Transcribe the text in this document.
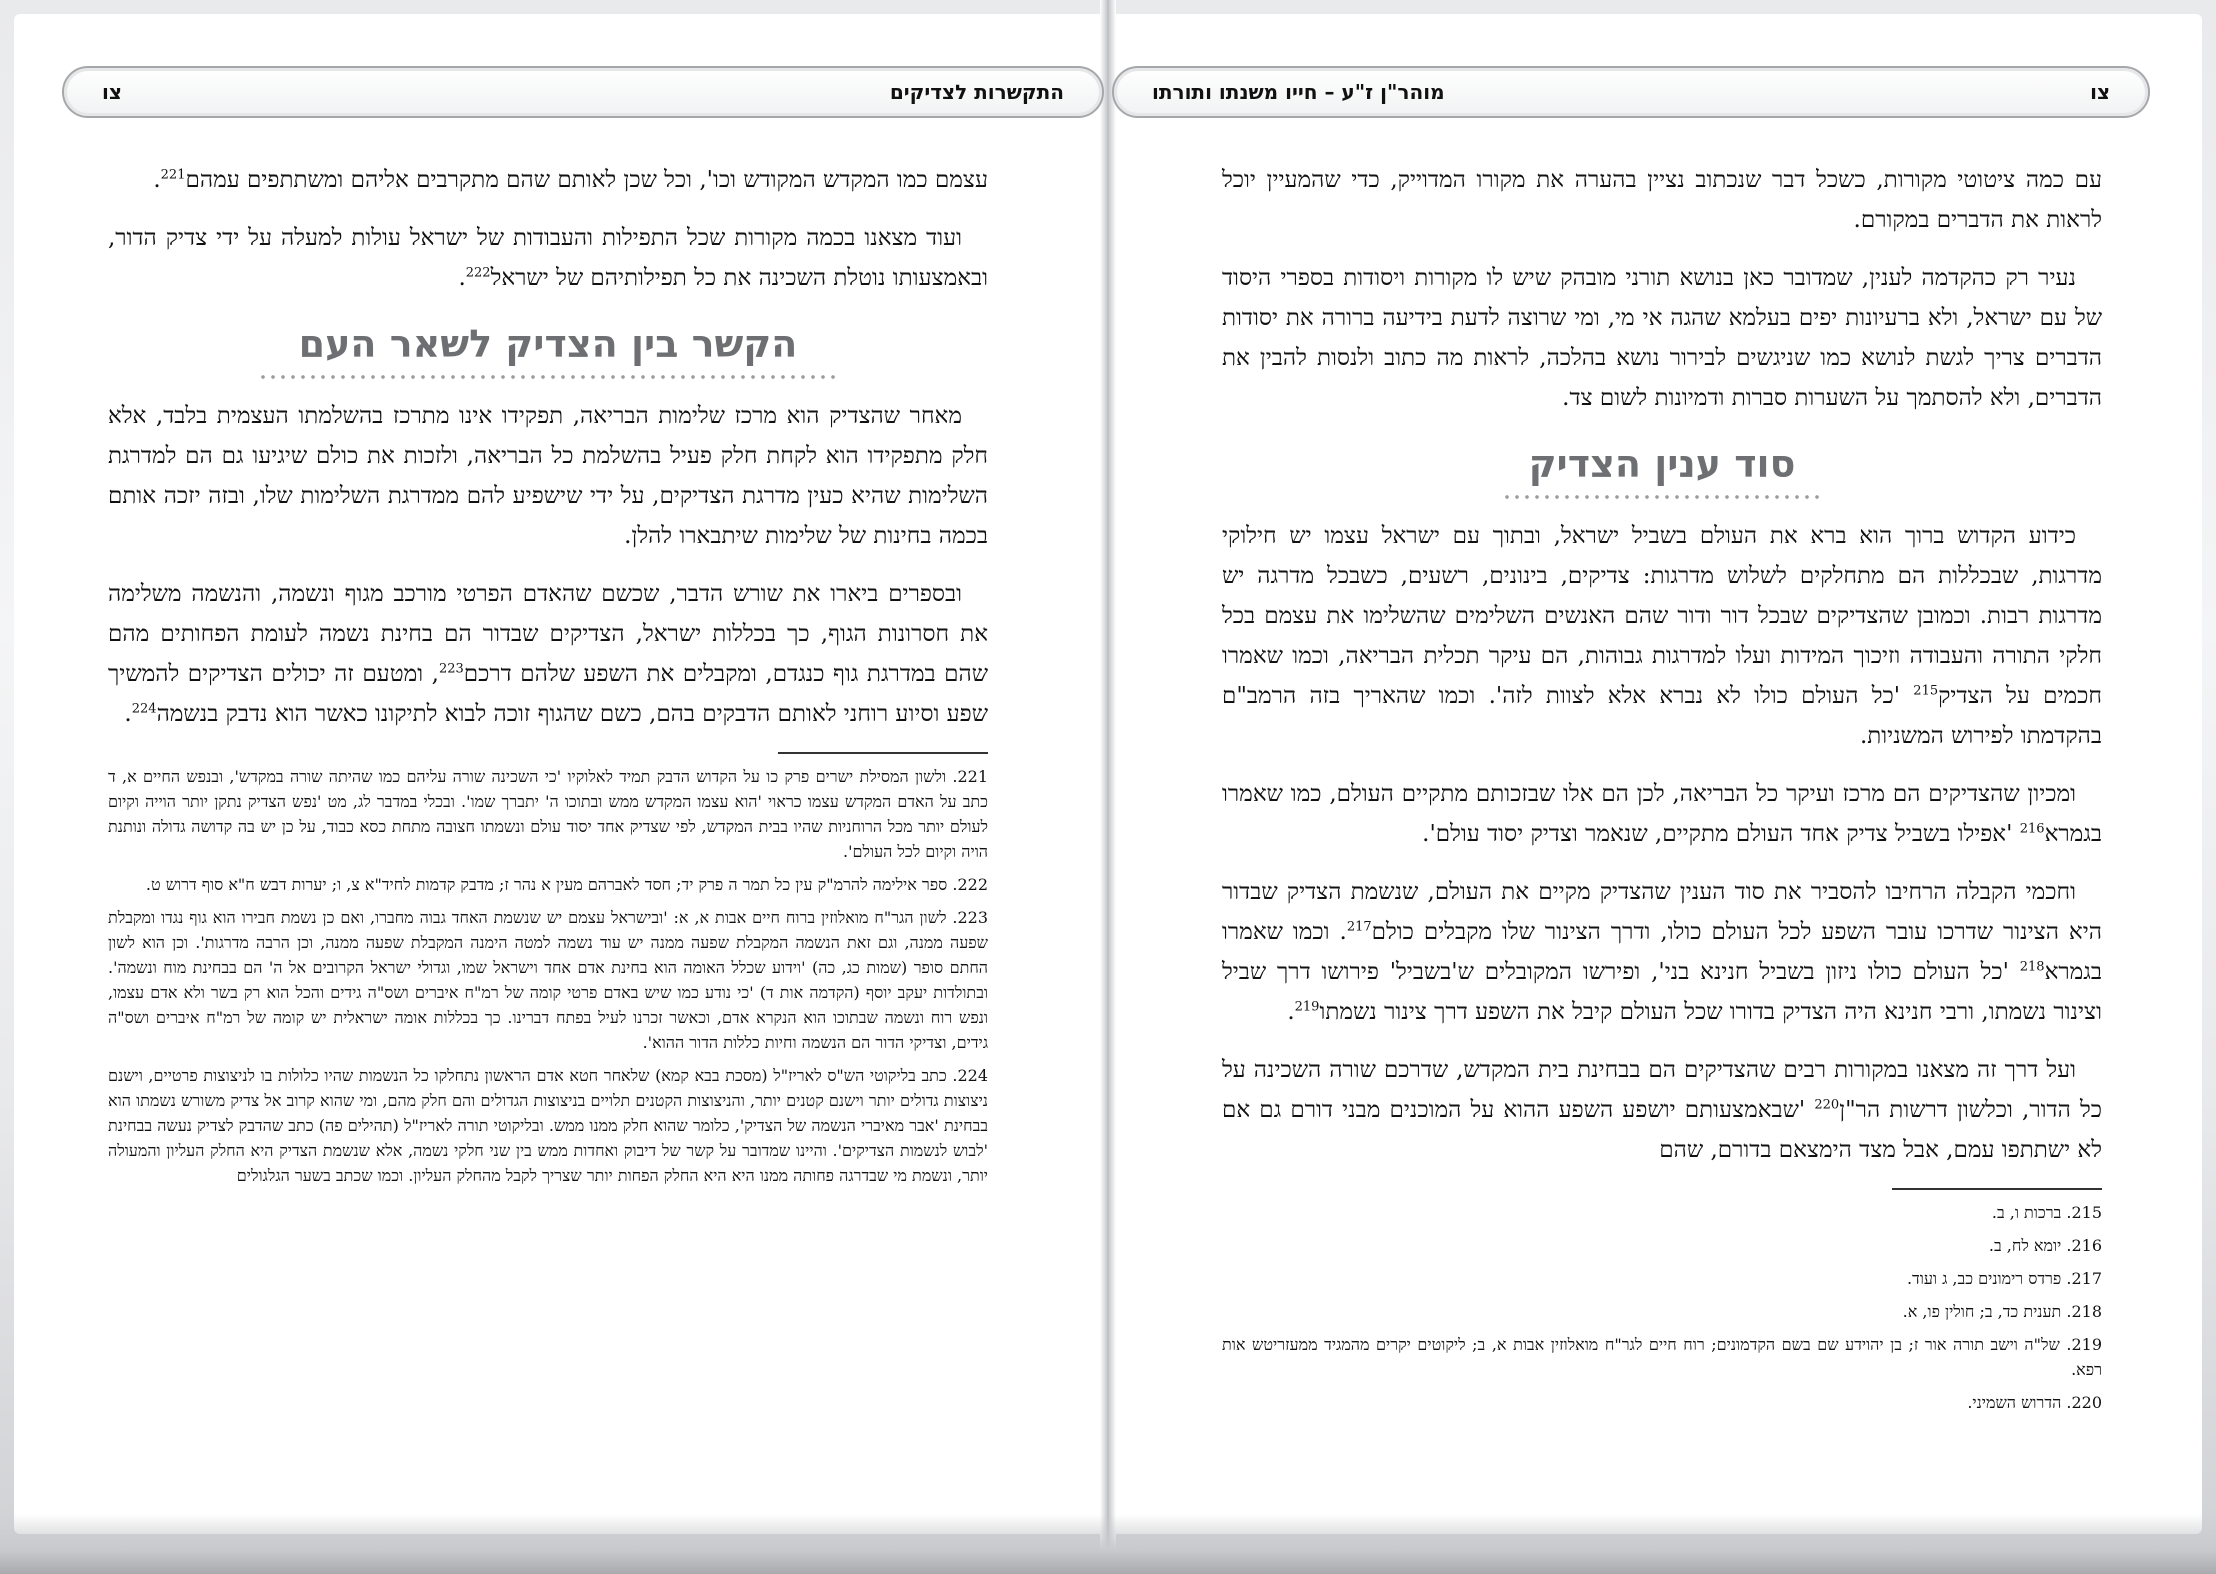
צו	התקשרות לצדיקים	מוהר"ן ז"ע – חייו משנתו ותורתו	צו

עצמם כמו המקדש המקודש וכו', וכל שכן לאותם שהם מתקרבים אליהם ומשתתפים עמהם$^{221}$.

ועוד מצאנו בכמה מקורות שכל התפילות והעבודות של ישראל עולות למעלה על ידי צדיק הדור, ובאמצעותו נוטלת השכינה את כל תפילותיהם של ישראל$^{222}$.

הקשר בין הצדיק לשאר העם

מאחר שהצדיק הוא מרכז שלימות הבריאה, תפקידו אינו מתרכז בהשלמתו העצמית בלבד, אלא חלק מתפקידו הוא לקחת חלק פעיל בהשלמת כל הבריאה, ולזכות את כולם שיגיעו גם הם למדרגת השלימות שהיא כעין מדרגת הצדיקים, על ידי שישפיע להם ממדרגת השלימות שלו, ובזה יזכה אותם בכמה בחינות של שלימות שיתבארו להלן.

ובספרים ביארו את שורש הדבר, שכשם שהאדם הפרטי מורכב מגוף ונשמה, והנשמה משלימה את חסרונות הגוף, כך בכללות ישראל, הצדיקים שבדור הם בחינת נשמה לעומת הפחותים מהם שהם במדרגת גוף כנגדם, ומקבלים את השפע שלהם דרכם$^{223}$, ומטעם זה יכולים הצדיקים להמשיך שפע וסיוע רוחני לאותם הדבקים בהם, כשם שהגוף זוכה לבוא לתיקונו כאשר הוא נדבק בנשמה$^{224}$.

221. ולשון המסילת ישרים פרק כו על הקדוש הדבק תמיד לאלוקיו 'כי השכינה שורה עליהם כמו שהיתה שורה במקדש', ובנפש החיים א, ד כתב על האדם המקדש עצמו כראוי 'הוא עצמו המקדש ממש ובתוכו ה' יתברך שמו'. ובכלי במדבר לג, מט 'נפש הצדיק נתקן יותר הוייה וקיום לעולם יותר מכל הרוחניות שהיו בבית המקדש, לפי שצדיק אחד יסוד עולם ונשמתו חצובה מתחת כסא כבוד, על כן יש בה קדושה גדולה ונותנת הויה וקיום לכל העולם'.

222. ספר אילימה להרמ"ק עין כל תמר ה פרק יד; חסד לאברהם מעין א נהר ז; מדבק קדמות לחיד"א צ, ו; יערות דבש ח"א סוף דרוש ט.

223. לשון הגר"ח מואלוזין ברוח חיים אבות א, א: 'ובישראל עצמם יש שנשמת האחד גבוה מחברו, ואם כן נשמת חבירו הוא גוף נגדו ומקבלת שפעה ממנה, וגם זאת הנשמה המקבלת שפעה ממנה יש עוד נשמה למטה הימנה המקבלת שפעה ממנה, וכן הרבה מדרגות'. וכן הוא לשון החתם סופר (שמות כג, כה) 'וידוע שכלל האומה הוא בחינת אדם אחד וישראל שמו, וגדולי ישראל הקרובים אל ה' הם בבחינת מוח ונשמה'. ובתולדות יעקב יוסף (הקדמה אות ד) 'כי נודע כמו שיש באדם פרטי קומה של רמ"ח איברים ושס"ה גידים והכל הוא רק בשר ולא אדם עצמו, ונפש רוח ונשמה שבתוכו הוא הנקרא אדם, וכאשר זכרנו לעיל בפתח דברינו. כך בכללות אומה ישראלית יש קומה של רמ"ח איברים ושס"ה גידים, וצדיקי הדור הם הנשמה וחיות כללות הדור ההוא'.

224. כתב בליקוטי הש"ס לאריז"ל (מסכת בבא קמא) שלאחר חטא אדם הראשון נתחלקו כל הנשמות שהיו כלולות בו לניצוצות פרטיים, וישנם ניצוצות גדולים יותר וישנם קטנים יותר, והניצוצות הקטנים תלויים בניצוצות הגדולים והם חלק מהם, ומי שהוא קרוב אל צדיק משורש נשמתו הוא בבחינת 'אבר מאיברי הנשמה של הצדיק', כלומר שהוא חלק ממנו ממש. ובליקוטי תורה לאריז"ל (תהילים פה) כתב שהדבק לצדיק נעשה בבחינת 'לבוש לנשמות הצדיקים'. והיינו שמדובר על קשר של דיבוק ואחדות ממש בין שני חלקי נשמה, אלא שנשמת הצדיק היא החלק העליון והמעולה יותר, ונשמת מי שבדרגה פחותה ממנו היא היא החלק הפחות יותר שצריך לקבל מהחלק העליון. וכמו שכתב בשער הגלגולים

עם כמה ציטוטי מקורות, כשכל דבר שנכתוב נציין בהערה את מקורו המדוייק, כדי שהמעיין יוכל לראות את הדברים במקורם.

נעיר רק כהקדמה לענין, שמדובר כאן בנושא תורני מובהק שיש לו מקורות ויסודות בספרי היסוד של עם ישראל, ולא ברעיונות יפים בעלמא שהגה אי מי, ומי שרוצה לדעת בידיעה ברורה את יסודות הדברים צריך לגשת לנושא כמו שניגשים לבירור נושא בהלכה, לראות מה כתוב ולנסות להבין את הדברים, ולא להסתמך על השערות סברות ודמיונות לשום צד.

סוד ענין הצדיק

כידוע הקדוש ברוך הוא ברא את העולם בשביל ישראל, ובתוך עם ישראל עצמו יש חילוקי מדרגות, שבכללות הם מתחלקים לשלוש מדרגות: צדיקים, בינונים, רשעים, כשבכל מדרגה יש מדרגות רבות. וכמובן שהצדיקים שבכל דור ודור שהם האנשים השלימים שהשלימו את עצמם בכל חלקי התורה והעבודה וזיכוך המידות ועלו למדרגות גבוהות, הם עיקר תכלית הבריאה, וכמו שאמרו חכמים על הצדיק$^{215}$ 'כל העולם כולו לא נברא אלא לצוות לזה'. וכמו שהאריך בזה הרמב"ם בהקדמתו לפירוש המשניות.

ומכיון שהצדיקים הם מרכז ועיקר כל הבריאה, לכן הם אלו שבזכותם מתקיים העולם, כמו שאמרו בגמרא$^{216}$ 'אפילו בשביל צדיק אחד העולם מתקיים, שנאמר וצדיק יסוד עולם'.

וחכמי הקבלה הרחיבו להסביר את סוד הענין שהצדיק מקיים את העולם, שנשמת הצדיק שבדור היא הצינור שדרכו עובר השפע לכל העולם כולו, ודרך הצינור שלו מקבלים כולם$^{217}$. וכמו שאמרו בגמרא$^{218}$ 'כל העולם כולו ניזון בשביל חנינא בני', ופירשו המקובלים ש'בשביל' פירושו דרך שביל וצינור נשמתו, ורבי חנינא היה הצדיק בדורו שכל העולם קיבל את השפע דרך צינור נשמתו$^{219}$.

ועל דרך זה מצאנו במקורות רבים שהצדיקים הם בבחינת בית המקדש, שדרכם שורה השכינה על כל הדור, וכלשון דרשות הר"ן$^{220}$ 'שבאמצעותם יושפע השפע ההוא על המוכנים מבני דורם גם אם לא ישתתפו עמם, אבל מצד הימצאם בדורם, שהם

215. ברכות ו, ב.

216. יומא לח, ב.

217. פרדס רימונים כב, ג ועוד.

218. תענית כד, ב; חולין פו, א.

219. של"ה וישב תורה אור ז; בן יהוידע שם בשם הקדמונים; רוח חיים לגר"ח מואלוזין אבות א, ב; ליקוטים יקרים מהמגיד ממעזריטש אות רפא.

220. הדרוש השמיני.
